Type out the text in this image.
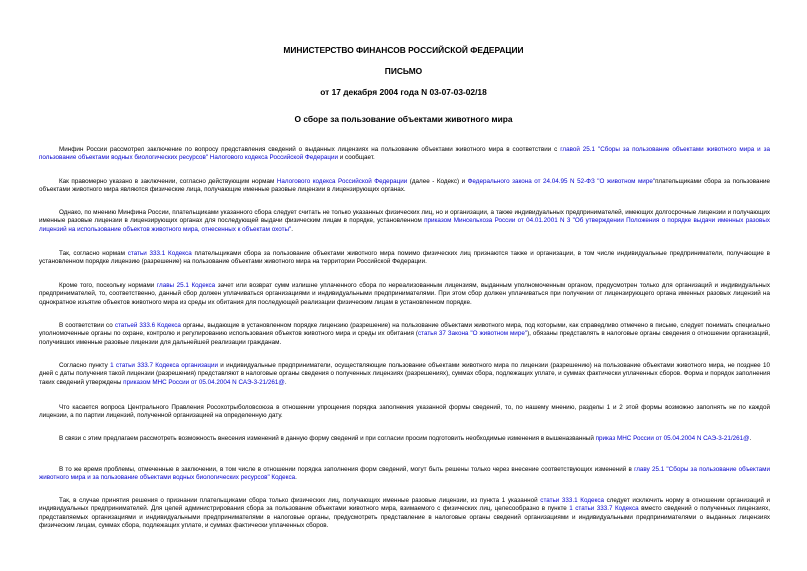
МИНИСТЕРСТВО ФИНАНСОВ РОССИЙСКОЙ ФЕДЕРАЦИИ
ПИСЬМО
от 17 декабря 2004 года N 03-07-03-02/18
О сборе за пользование объектами животного мира

Минфин России рассмотрел заключение по вопросу представления сведений о выданных лицензиях на пользование объектами животного мира в соответствии с главой 25.1 "Сборы за пользование объектами животного мира и за пользование объектами водных биологических ресурсов" Налогового кодекса Российской Федерации и сообщает.

Как правомерно указано в заключении, согласно действующим нормам Налогового кодекса Российской Федерации (далее - Кодекс) и Федерального закона от 24.04.95 N 52-ФЗ "О животном мире"плательщиками сбора за пользование объектами животного мира являются физические лица, получающие именные разовые лицензии в лицензирующих органах.

Однако, по мнению Минфина России, плательщиками указанного сбора следует считать не только указанных физических лиц, но и организации, а также индивидуальных предпринимателей, имеющих долгосрочные лицензии и получающих именные разовые лицензии в лицензирующих органах для последующей выдачи физическим лицам в порядке, установленном приказом Минсельхоза России от 04.01.2001 N 3 "Об утверждении Положения о порядке выдачи именных разовых лицензий на использование объектов животного мира, отнесенных к объектам охоты".

Так, согласно нормам статьи 333.1 Кодекса плательщиками сбора за пользование объектами животного мира помимо физических лиц признаются также и организации, в том числе индивидуальные предприниматели, получающие в установленном порядке лицензию (разрешение) на пользование объектами животного мира на территории Российской Федерации.

Кроме того, поскольку нормами главы 25.1 Кодекса зачет или возврат сумм излишне уплаченного сбора по нереализованным лицензиям, выданным уполномоченным органом, предусмотрен только для организаций и индивидуальных предпринимателей, то, соответственно, данный сбор должен уплачиваться организациями и индивидуальными предпринимателями. При этом сбор должен уплачиваться при получении от лицензирующего органа именных разовых лицензий на однократное изъятие объектов животного мира из среды их обитания для последующей реализации физическим лицам в установленном порядке.

В соответствии со статьей 333.6 Кодекса органы, выдающие в установленном порядке лицензию (разрешение) на пользование объектами животного мира, под которыми, как справедливо отмечено в письме, следует понимать специально уполномоченные органы по охране, контролю и регулированию использования объектов животного мира и среды их обитания (статья 37 Закона "О животном мире"), обязаны представлять в налоговые органы сведения о отношении организаций, получивших именные разовые лицензии для дальнейшей реализации гражданам.

Согласно пункту 1 статьи 333.7 Кодекса организации и индивидуальные предприниматели, осуществляющие пользование объектами животного мира по лицензии (разрешению) на пользование объектами животного мира, не позднее 10 дней с даты получения такой лицензии (разрешения) представляют в налоговые органы сведения о полученных лицензиях (разрешениях), суммах сбора, подлежащих уплате, и суммах фактически уплаченных сборов. Форма и порядок заполнения таких сведений утверждены приказом МНС России от 05.04.2004 N САЭ-3-21/261@.

Что касается вопроса Центрального Правления Росохотрыболовсоюза в отношении упрощения порядка заполнения указанной формы сведений, то, по нашему мнению, разделы 1 и 2 этой формы возможно заполнять не по каждой лицензии, а по партии лицензий, полученной организацией на определенную дату.

В связи с этим предлагаем рассмотреть возможность внесения изменений в данную форму сведений и при согласии просим подготовить необходимые изменения в вышеназванный приказ МНС России от 05.04.2004 N САЭ-3-21/261@.

В то же время проблемы, отмеченные в заключении, в том числе в отношении порядка заполнения форм сведений, могут быть решены только через внесение соответствующих изменений в главу 25.1 "Сборы за пользование объектами животного мира и за пользование объектами водных биологических ресурсов" Кодекса.

Так, в случае принятия решения о признании плательщиками сбора только физических лиц, получающих именные разовые лицензии, из пункта 1 указанной статьи 333.1 Кодекса следует исключить норму в отношении организаций и индивидуальных предпринимателей. Для целей администрирования сбора за пользование объектами животного мира, взимаемого с физических лиц, целесообразно в пункте 1 статьи 333.7 Кодекса вместо сведений о полученных лицензиях, представляемых организациями и индивидуальными предпринимателями в налоговые органы, предусмотреть представление в налоговые органы сведений организациями и индивидуальными предпринимателями о выданных лицензиях физическим лицам, суммах сбора, подлежащих уплате, и суммах фактически уплаченных сборов.
